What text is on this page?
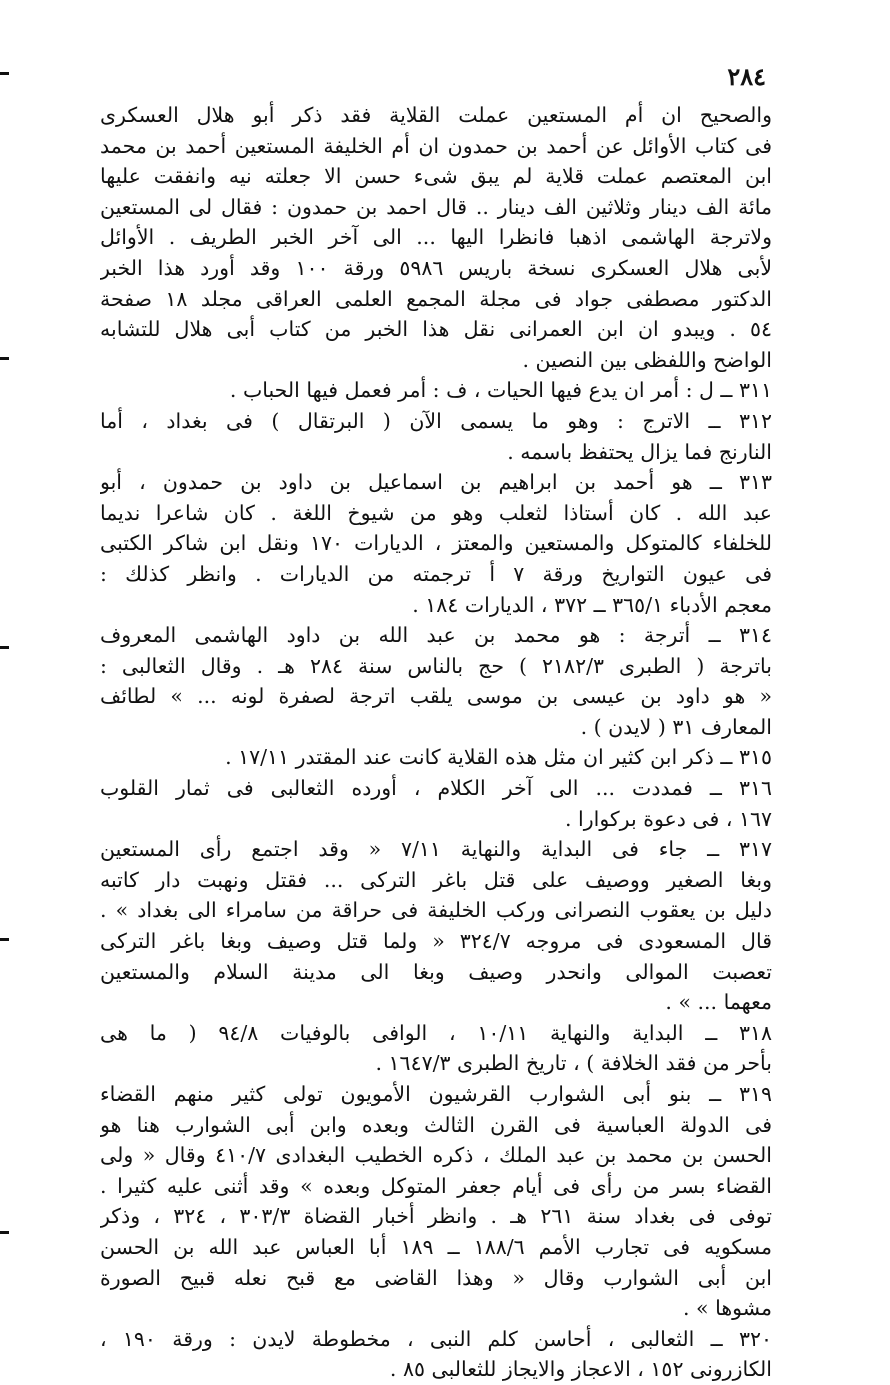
٢٨٤
والصحيح ان أم المستعين عملت القلاية فقد ذكر أبو هلال العسكرى
فى كتاب الأوائل عن أحمد بن حمدون ان أم الخليفة المستعين أحمد بن محمد
ابن المعتصم عملت قلاية لم يبق شىء حسن الا جعلته نيه وانفقت عليها
مائة الف دينار وثلاثين الف دينار .. قال احمد بن حمدون : فقال لى المستعين
ولاترجة الهاشمى اذهبا فانظرا اليها ... الى آخر الخبر الطريف . الأوائل
لأبى هلال العسكرى نسخة باريس ٥٩٨٦ ورقة ١٠٠ وقد أورد هذا الخبر
الدكتور مصطفى جواد فى مجلة المجمع العلمى العراقى مجلد ١٨ صفحة
٥٤ . ويبدو ان ابن العمرانى نقل هذا الخبر من كتاب أبى هلال للتشابه
الواضح واللفظى بين النصين .
٣١١ ــ ل : أمر ان يدع فيها الحيات ، ف : أمر فعمل فيها الحباب .
٣١٢ ــ الاترج : وهو ما يسمى الآن ( البرتقال ) فى بغداد ، أما
النارنج فما يزال يحتفظ باسمه .
٣١٣ ــ هو أحمد بن ابراهيم بن اسماعيل بن داود بن حمدون ، أبو
عبد الله . كان أستاذا لثعلب وهو من شيوخ اللغة . كان شاعرا نديما
للخلفاء كالمتوكل والمستعين والمعتز ، الديارات ١٧٠ ونقل ابن شاكر الكتبى
فى عيون التواريخ ورقة ٧ أ ترجمته من الديارات . وانظر كذلك :
معجم الأدباء ٣٦٥/١ ــ ٣٧٢ ، الديارات ١٨٤ .
٣١٤ ــ أترجة : هو محمد بن عبد الله بن داود الهاشمى المعروف
باترجة ( الطبرى ٢١٨٢/٣ ) حج بالناس سنة ٢٨٤ هـ . وقال الثعالبى :
« هو داود بن عيسى بن موسى يلقب اترجة لصفرة لونه ... » لطائف
المعارف ٣١ ( لايدن ) .
٣١٥ ــ ذكر ابن كثير ان مثل هذه القلاية كانت عند المقتدر ١٧/١١ .
٣١٦ ــ فمددت ... الى آخر الكلام ، أورده الثعالبى فى ثمار القلوب
١٦٧ ، فى دعوة بركوارا .
٣١٧ ــ جاء فى البداية والنهاية ٧/١١ « وقد اجتمع رأى المستعين
وبغا الصغير ووصيف على قتل باغر التركى ... فقتل ونهبت دار كاتبه
دليل بن يعقوب النصرانى وركب الخليفة فى حراقة من سامراء الى بغداد » .
قال المسعودى فى مروجه ٣٢٤/٧ « ولما قتل وصيف وبغا باغر التركى
تعصبت الموالى وانحدر وصيف وبغا الى مدينة السلام والمستعين
معهما ... » .
٣١٨ ــ البداية والنهاية ١٠/١١ ، الوافى بالوفيات ٩٤/٨ ( ما هى
بأحر من فقد الخلافة ) ، تاريخ الطبرى ١٦٤٧/٣ .
٣١٩ ــ بنو أبى الشوارب القرشيون الأمويون تولى كثير منهم القضاء
فى الدولة العباسية فى القرن الثالث وبعده وابن أبى الشوارب هنا هو
الحسن بن محمد بن عبد الملك ، ذكره الخطيب البغدادى ٤١٠/٧ وقال « ولى
القضاء بسر من رأى فى أيام جعفر المتوكل وبعده » وقد أثنى عليه كثيرا .
توفى فى بغداد سنة ٢٦١ هـ . وانظر أخبار القضاة ٣٠٣/٣ ، ٣٢٤ ، وذكر
مسكويه فى تجارب الأمم ١٨٨/٦ ــ ١٨٩ أبا العباس عبد الله بن الحسن
ابن أبى الشوارب وقال « وهذا القاضى مع قبح نعله قبيح الصورة
مشوها » .
٣٢٠ ــ الثعالبى ، أحاسن كلم النبى ، مخطوطة لايدن : ورقة ١٩٠ ،
الكازرونى ١٥٢ ، الاعجاز والايجاز للثعالبى ٨٥ .
